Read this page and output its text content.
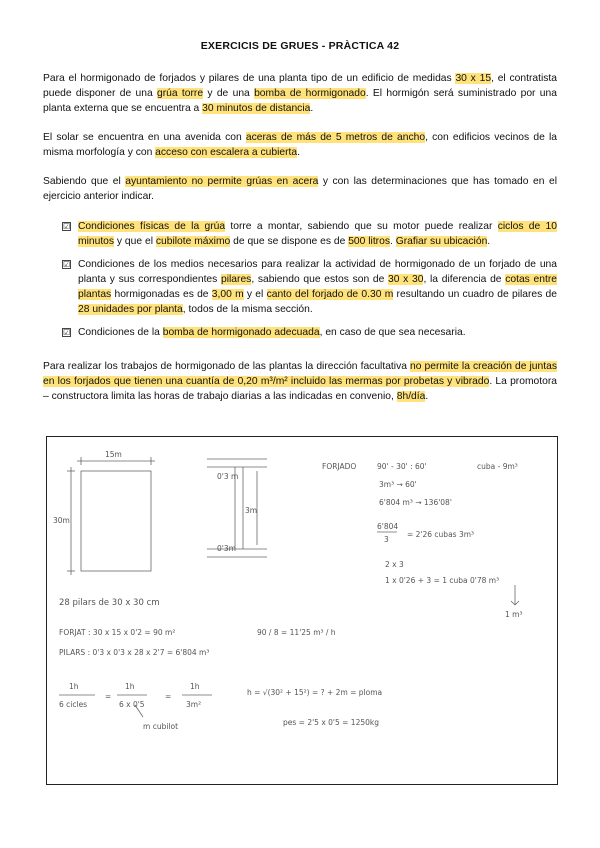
EXERCICIS DE GRUES - PRÀCTICA 42
Para el hormigonado de forjados y pilares de una planta tipo de un edificio de medidas 30 x 15, el contratista puede disponer de una grúa torre y de una bomba de hormigonado. El hormigón será suministrado por una planta externa que se encuentra a 30 minutos de distancia.
El solar se encuentra en una avenida con aceras de más de 5 metros de ancho, con edificios vecinos de la misma morfología y con acceso con escalera a cubierta.
Sabiendo que el ayuntamiento no permite grúas en acera y con las determinaciones que has tomado en el ejercicio anterior indicar.
☑ Condiciones físicas de la grúa torre a montar, sabiendo que su motor puede realizar ciclos de 10 minutos y que el cubilote máximo de que se dispone es de 500 litros. Grafiar su ubicación.
☑ Condiciones de los medios necesarios para realizar la actividad de hormigonado de un forjado de una planta y sus correspondientes pilares, sabiendo que estos son de 30 x 30, la diferencia de cotas entre plantas hormigonadas es de 3,00 m y el canto del forjado de 0.30 m resultando un cuadro de pilares de 28 unidades por planta, todos de la misma sección.
☑ Condiciones de la bomba de hormigonado adecuada, en caso de que sea necesaria.
Para realizar los trabajos de hormigonado de las plantas la dirección facultativa no permite la creación de juntas en los forjados que tienen una cuantía de 0,20 m³/m² incluido las mermas por probetas y vibrado. La promotora – constructora limita las horas de trabajo diarias a las indicadas en convenio, 8h/día.
15m
30m
0'3 m
3m
0'3m
FORJADO	90' - 30' : 60'	cuba - 9m³
3m³ → 60'
6'804 m³ → 136'08'
6'804
3
= 2'26 cubas 3m³
2 x 3
1 x 0'26 + 3 = 1 cuba 0'78 m³
1 m³
28 pilars de 30 x 30 cm
FORJAT : 30 x 15 x 0'2 = 90 m²	90 / 8 = 11'25 m³ / h
PILARS : 0'3 x 0'3 x 28 x 2'7 = 6'804 m³
1h
6 cicles
=
1h
6 x 0'5
=
1h
3m²
m cubilot
h = √(30² + 15²) = ? + 2m = ploma
pes = 2'5 x 0'5 = 1250kg
